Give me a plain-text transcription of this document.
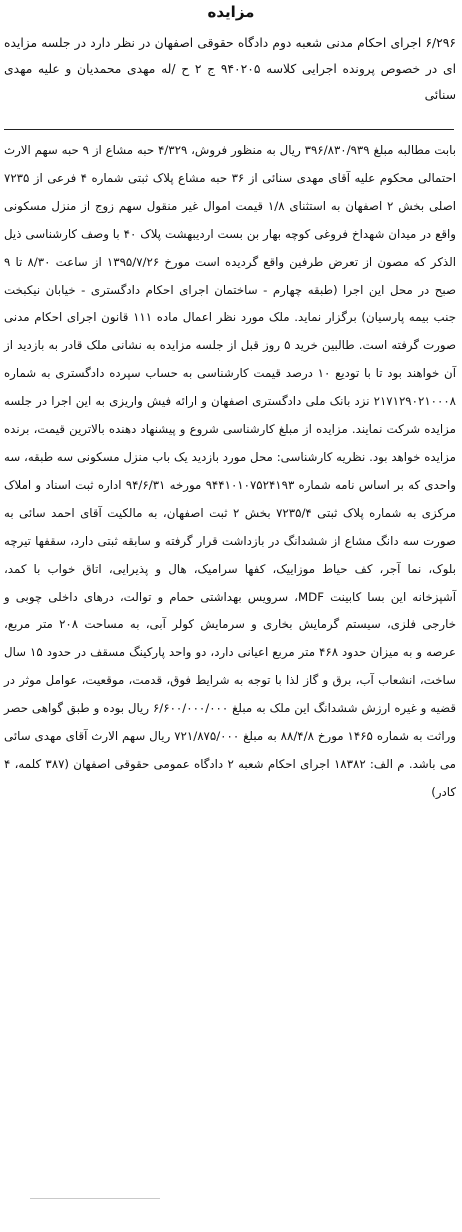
مزایده

۶/۲۹۶ اجرای احکام مدنی شعبه دوم دادگاه حقوقی اصفهان در نظر دارد در جلسه مزایده ای در خصوص پرونده اجرایی کلاسه ۹۴۰۲۰۵ ج ۲ ح /له مهدی محمدیان و علیه مهدی سنائی

بابت مطالبه مبلغ ۳۹۶/۸۳۰/۹۳۹ ریال به منظور فروش، ۴/۳۲۹ حبه مشاع از ۹ حبه سهم الارث احتمالی محکوم علیه آقای مهدی سنائی از ۳۶ حبه مشاع پلاک ثبتی شماره ۴ فرعی از ۷۲۳۵ اصلی بخش ۲ اصفهان به استثنای ۱/۸ قیمت اموال غیر منقول سهم زوج از منزل مسکونی واقع در میدان شهداخ فروغی کوچه بهار بن بست اردیبهشت پلاک ۴۰ با وصف کارشناسی ذیل الذکر که مصون از تعرض طرفین واقع گردیده است مورخ ۱۳۹۵/۷/۲۶ از ساعت ۸/۳۰ تا ۹ صبح در محل این اجرا (طبقه چهارم - ساختمان اجرای احکام دادگستری - خیابان نیکبخت جنب بیمه پارسیان) برگزار نماید. ملک مورد نظر اعمال ماده ۱۱۱ قانون اجرای احکام مدنی صورت گرفته است. طالبین خرید ۵ روز قبل از جلسه مزایده به نشانی ملک قادر به بازدید از آن خواهند بود تا با تودیع ۱۰ درصد قیمت کارشناسی به حساب سپرده دادگستری به شماره ۲۱۷۱۲۹۰۲۱۰۰۰۸ نزد بانک ملی دادگستری اصفهان و ارائه فیش واریزی به این اجرا در جلسه مزایده شرکت نمایند. مزایده از مبلغ کارشناسی شروع و پیشنهاد دهنده بالاترین قیمت، برنده مزایده خواهد بود. نظریه کارشناسی: محل مورد بازدید یک باب منزل مسکونی سه طبقه، سه واحدی که بر اساس نامه شماره ۹۴۴۱۰۱۰۷۵۲۴۱۹۳ مورخه ۹۴/۶/۳۱ اداره ثبت اسناد و املاک مرکزی به شماره پلاک ثبتی ۷۲۳۵/۴ بخش ۲ ثبت اصفهان، به مالکیت آقای احمد سائی به صورت سه دانگ مشاع از ششدانگ در بازداشت قرار گرفته و سابقه ثبتی دارد، سقفها تیرچه بلوک، نما آجر، کف حیاط موزاییک، کفها سرامیک، هال و پذیرایی، اتاق خواب با کمد، آشپزخانه این بسا کابینت MDF، سرویس بهداشتی حمام و توالت، درهای داخلی چوبی و خارجی فلزی، سیستم گرمایش بخاری و سرمایش کولر آبی، به مساحت ۲۰۸ متر مربع، عرصه و به میزان حدود ۴۶۸ متر مربع اعیانی دارد، دو واحد پارکینگ مسقف در حدود ۱۵ سال ساخت، انشعاب آب، برق و گاز لذا با توجه به شرایط فوق، قدمت، موقعیت، عوامل موثر در قضیه و غیره ارزش ششدانگ این ملک به مبلغ ۶/۶۰۰/۰۰۰/۰۰۰ ریال بوده و طبق گواهی حصر وراثت به شماره ۱۴۶۵ مورخ ۸۸/۴/۸ به مبلغ ۷۲۱/۸۷۵/۰۰۰ ریال سهم الارث آقای مهدی سائی می باشد. م الف: ۱۸۳۸۲ اجرای احکام شعبه ۲ دادگاه عمومی حقوقی اصفهان (۳۸۷ کلمه، ۴ کادر)
